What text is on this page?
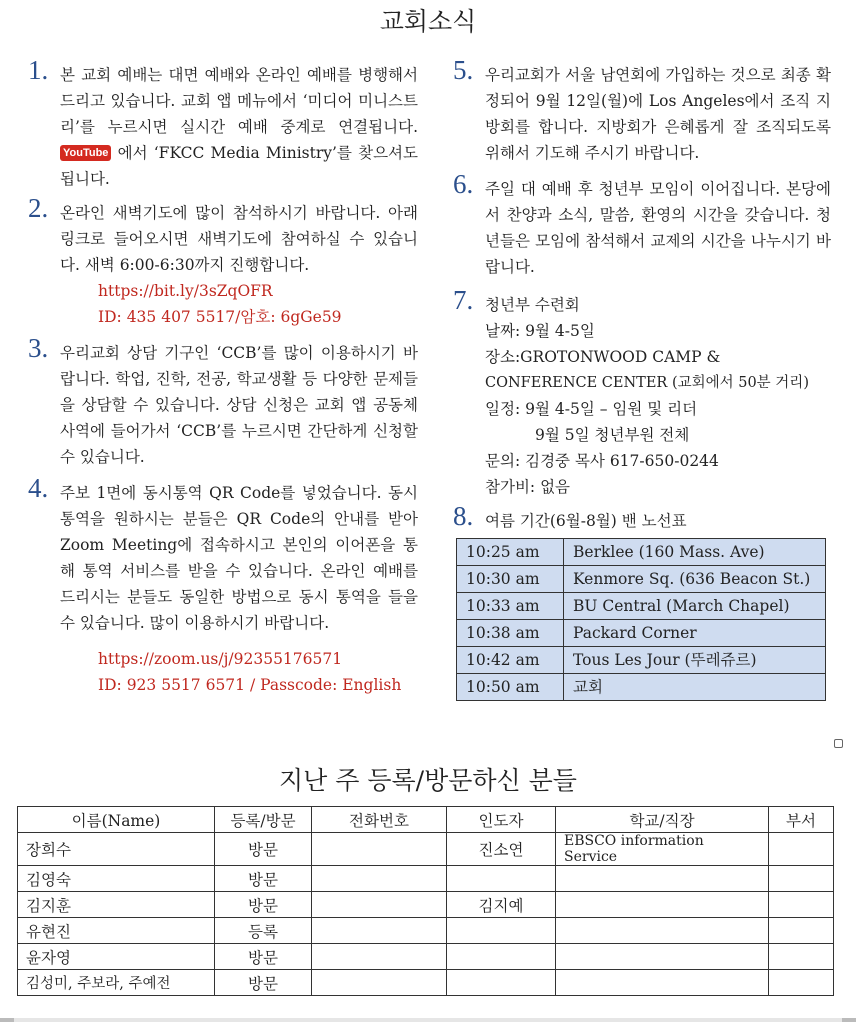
교회소식
1. 본 교회 예배는 대면 예배와 온라인 예배를 병행해서 드리고 있습니다. 교회 앱 메뉴에서 ‘미디어 미니스트리’를 누르시면 실시간 예배 중계로 연결됩니다. YouTube 에서 ‘FKCC Media Ministry’를 찾으셔도 됩니다.

2. 온라인 새벽기도에 많이 참석하시기 바랍니다. 아래 링크로 들어오시면 새벽기도에 참여하실 수 있습니다. 새벽 6:00-6:30까지 진행합니다.

https://bit.ly/3sZqOFR
ID: 435 407 5517/암호: 6gGe59
3. 우리교회 상담 기구인 ‘CCB’를 많이 이용하시기 바랍니다. 학업, 진학, 전공, 학교생활 등 다양한 문제들을 상담할 수 있습니다. 상담 신청은 교회 앱 공동체 사역에 들어가서 ‘CCB’를 누르시면 간단하게 신청할 수 있습니다.

4. 주보 1면에 동시통역 QR Code를 넣었습니다. 동시 통역을 원하시는 분들은 QR Code의 안내를 받아 Zoom Meeting에 접속하시고 본인의 이어폰을 통해 통역 서비스를 받을 수 있습니다. 온라인 예배를 드리시는 분들도 동일한 방법으로 동시 통역을 들을 수 있습니다. 많이 이용하시기 바랍니다.

https://zoom.us/j/92355176571
ID: 923 5517 6571 / Passcode: English
5. 우리교회가 서울 남연회에 가입하는 것으로 최종 확정되어 9월 12일(월)에 Los Angeles에서 조직 지방회를 합니다. 지방회가 은혜롭게 잘 조직되도록 위해서 기도해 주시기 바랍니다.

6. 주일 대 예배 후 청년부 모임이 이어집니다. 본당에서 찬양과 소식, 말씀, 환영의 시간을 갖습니다. 청년들은 모임에 참석해서 교제의 시간을 나누시기 바랍니다.

7. 청년부 수련회
날짜: 9월 4-5일
장소:GROTONWOOD CAMP &
CONFERENCE CENTER (교회에서 50분 거리)
일정: 9월 4-5일 – 임원 및 리더
9월 5일 청년부원 전체
문의: 김경중 목사 617-650-0244
참가비: 없음
8. 여름 기간(6월-8월) 밴 노선표
10:25 am	Berklee (160 Mass. Ave)
10:30 am	Kenmore Sq. (636 Beacon St.)
10:33 am	BU Central (March Chapel)
10:38 am	Packard Corner
10:42 am	Tous Les Jour (뚜레쥬르)
10:50 am	교회
지난 주 등록/방문하신 분들
이름(Name)	등록/방문	전화번호	인도자	학교/직장	부서
장희수	방문		진소연	EBSCO information Service	
김영숙	방문				
김지훈	방문		김지예		
유현진	등록				
윤자영	방문				
김성미, 주보라, 주예전	방문				
